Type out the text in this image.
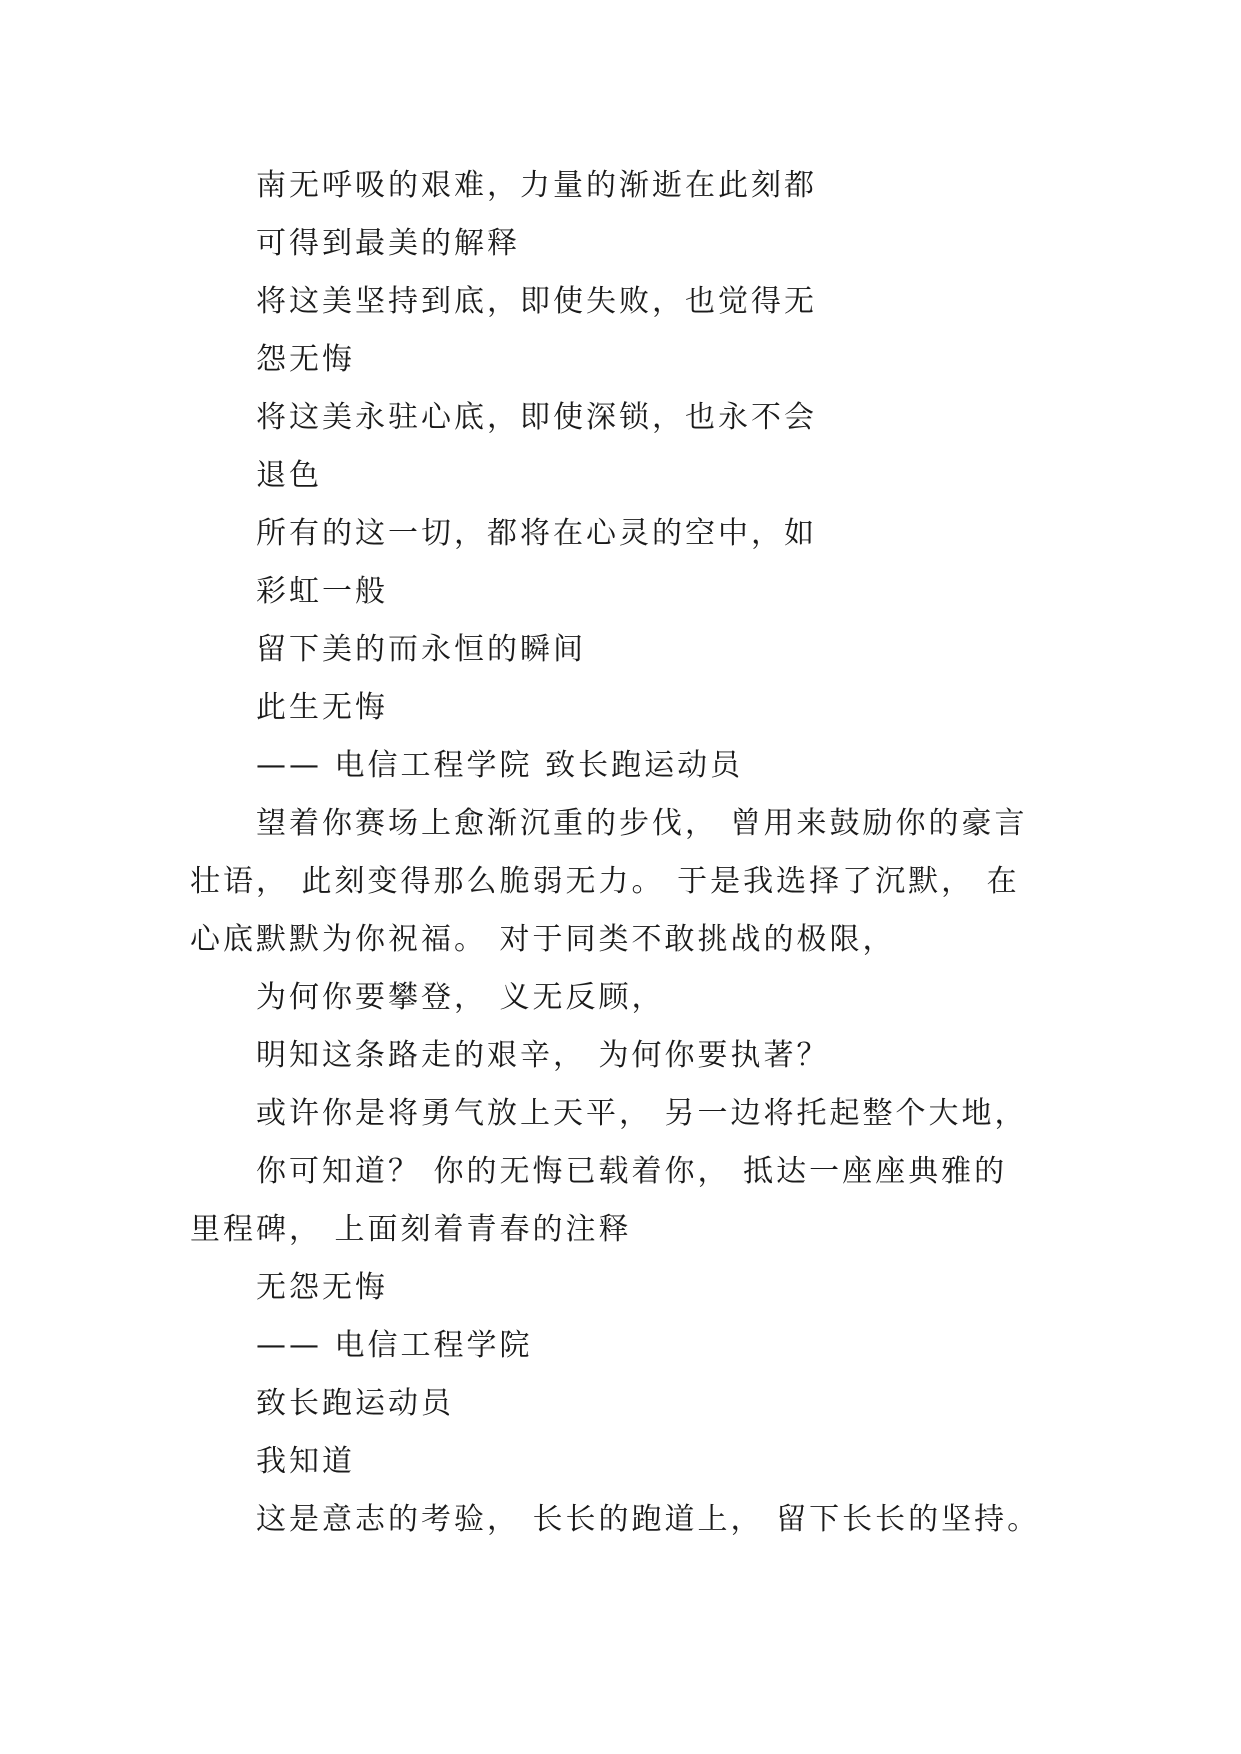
南无呼吸的艰难，力量的渐逝在此刻都
可得到最美的解释
将这美坚持到底，即使失败，也觉得无
怨无悔
将这美永驻心底，即使深锁，也永不会
退色
所有的这一切，都将在心灵的空中，如
彩虹一般
留下美的而永恒的瞬间
此生无悔
—— 电信工程学院 致长跑运动员
望着你赛场上愈渐沉重的步伐， 曾用来鼓励你的豪言
壮语， 此刻变得那么脆弱无力。 于是我选择了沉默， 在
心底默默为你祝福。 对于同类不敢挑战的极限，
为何你要攀登， 义无反顾，
明知这条路走的艰辛， 为何你要执著？
或许你是将勇气放上天平， 另一边将托起整个大地，
你可知道？ 你的无悔已载着你， 抵达一座座典雅的
里程碑， 上面刻着青春的注释
无怨无悔
—— 电信工程学院
致长跑运动员
我知道
这是意志的考验， 长长的跑道上， 留下长长的坚持。
